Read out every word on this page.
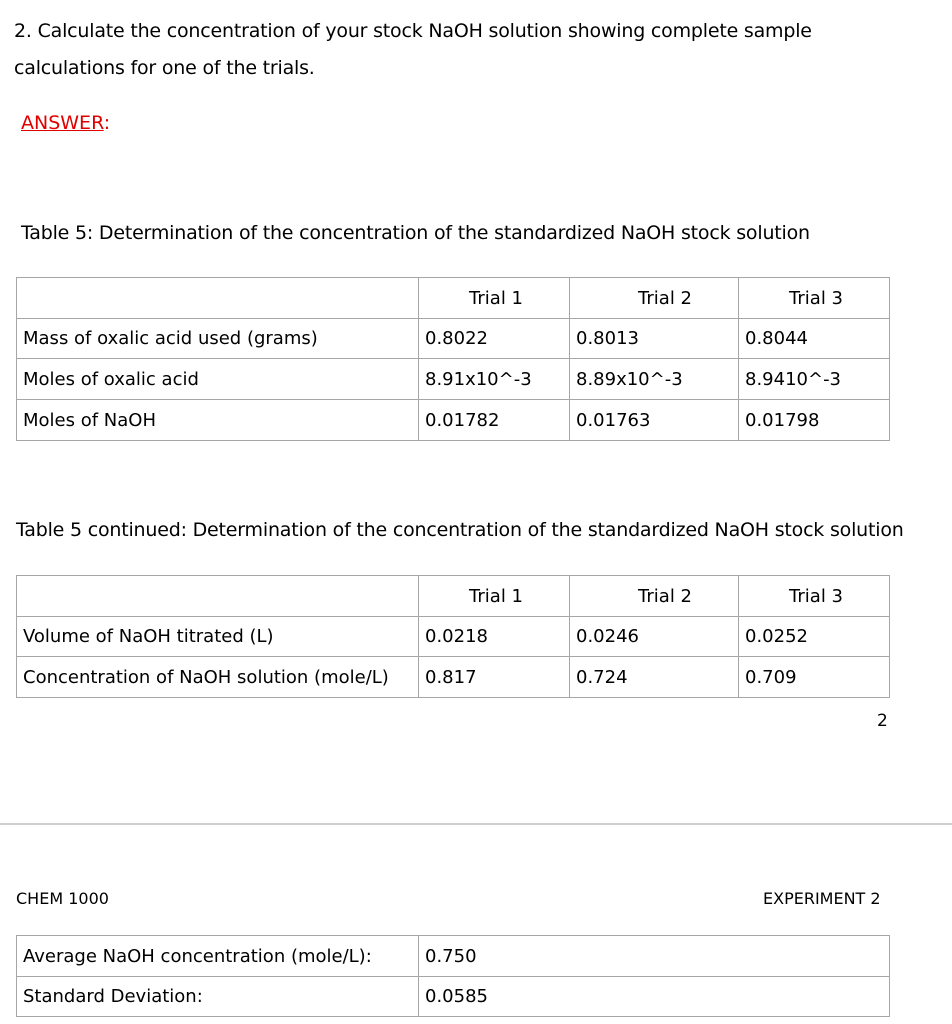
2. Calculate the concentration of your stock NaOH solution showing complete sample
calculations for one of the trials.
ANSWER:
Table 5: Determination of the concentration of the standardized NaOH stock solution
	Trial 1	Trial 2	Trial 3
Mass of oxalic acid used (grams)	0.8022	0.8013	0.8044
Moles of oxalic acid	8.91x10^-3	8.89x10^-3	8.9410^-3
Moles of NaOH	0.01782	0.01763	0.01798
Table 5 continued: Determination of the concentration of the standardized NaOH stock solution
	Trial 1	Trial 2	Trial 3
Volume of NaOH titrated (L)	0.0218	0.0246	0.0252
Concentration of NaOH solution (mole/L)	0.817	0.724	0.709
2
CHEM 1000	EXPERIMENT 2
Average NaOH concentration (mole/L):	0.750
Standard Deviation:	0.0585
